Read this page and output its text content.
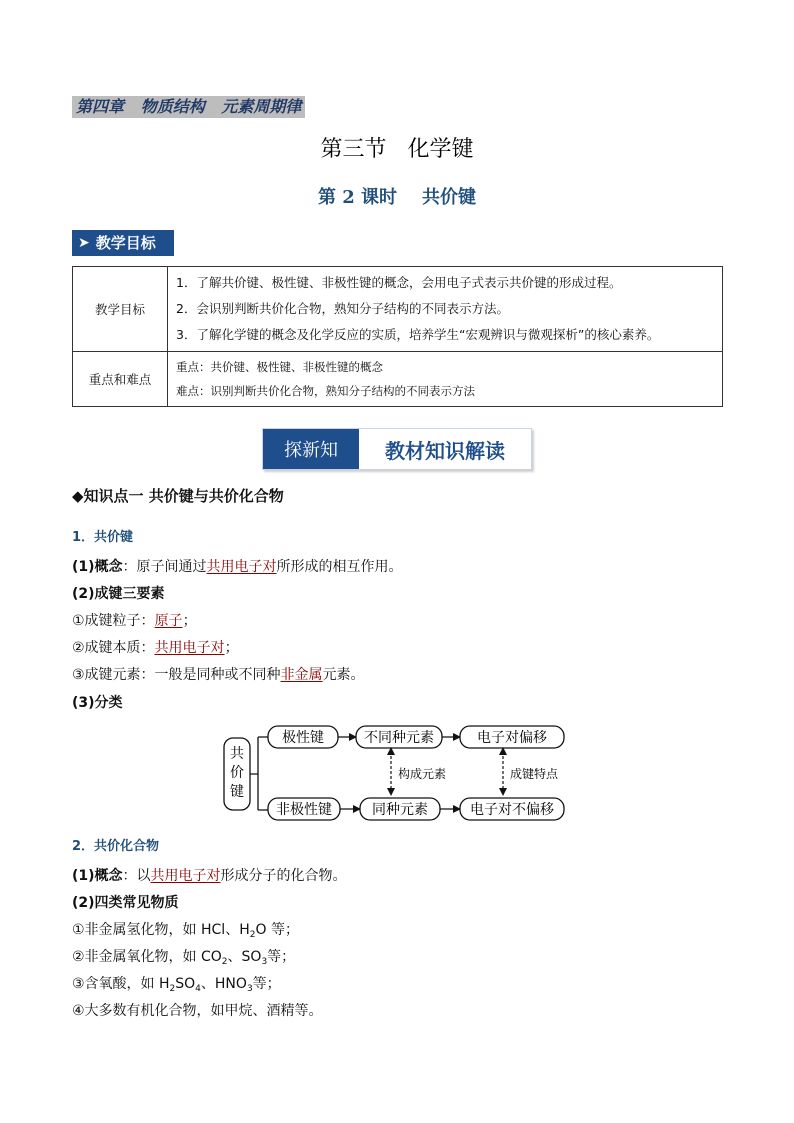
第四章   物质结构   元素周期律
第三节   化学键
第 2 课时    共价键
➤ 教学目标
教学目标	1．了解共价键、极性键、非极性键的概念，会用电子式表示共价键的形成过程。

2．会识别判断共价化合物，熟知分子结构的不同表示方法。

3．了解化学键的概念及化学反应的实质，培养学生“宏观辨识与微观探析”的核心素养。

重点和难点	重点：共价键、极性键、非极性键的概念

难点：识别判断共价化合物，熟知分子结构的不同表示方法

探新知	教材知识解读
◆知识点一 共价键与共价化合物
1．共价键
(1)概念：原子间通过共用电子对所形成的相互作用。
(2)成键三要素
①成键粒子：原子；
②成键本质：共用电子对；
③成键元素：一般是同种或不同种非金属元素。
(3)分类
共
价
键
极性键	不同种元素	电子对偏移
非极性键	同种元素	电子对不偏移
构成元素	成键特点
2．共价化合物
(1)概念：以共用电子对形成分子的化合物。
(2)四类常见物质
①非金属氢化物，如 HCl、$H_2O$ 等；
②非金属氧化物，如 $CO_2$、$SO_3$等；
③含氧酸，如 $H_2SO_4$、$HNO_3$等；
④大多数有机化合物，如甲烷、酒精等。
